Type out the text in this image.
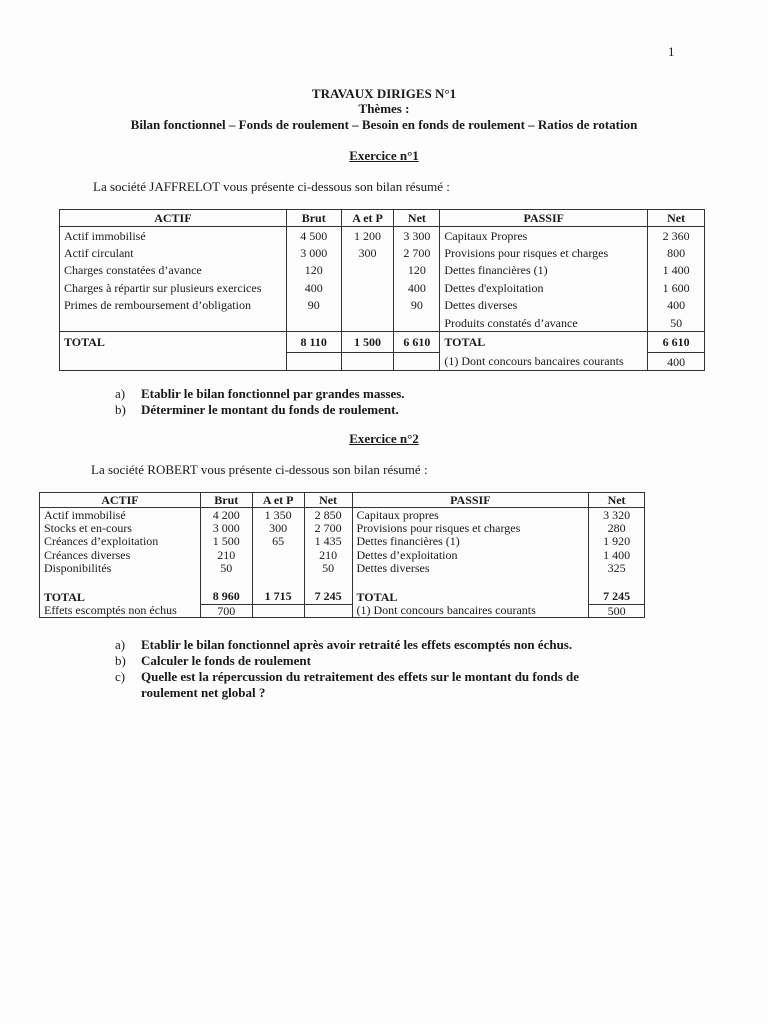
1
TRAVAUX DIRIGES N°1
Thèmes :
Bilan fonctionnel – Fonds de roulement – Besoin en fonds de roulement – Ratios de rotation
Exercice n°1
La société JAFFRELOT vous présente ci-dessous son bilan résumé :
ACTIF	Brut	A et P	Net	PASSIF	Net
Actif immobilisé	4 500	1 200	3 300	Capitaux Propres	2 360
Actif circulant	3 000	300	2 700	Provisions pour risques et charges	800
Charges constatées d’avance	120		120	Dettes financières (1)	1 400
Charges à répartir sur plusieurs exercices	400		400	Dettes d'exploitation	1 600
Primes de remboursement d’obligation	90		90	Dettes diverses	400
				Produits constatés d’avance	50
TOTAL	8 110	1 500	6 610	TOTAL	6 610
				(1) Dont concours bancaires courants	400
a) Etablir le bilan fonctionnel par grandes masses.
b) Déterminer le montant du fonds de roulement.
Exercice n°2
La société ROBERT vous présente ci-dessous son bilan résumé :
ACTIF	Brut	A et P	Net	PASSIF	Net
Actif immobilisé	4 200	1 350	2 850	Capitaux propres	3 320
Stocks et en-cours	3 000	300	2 700	Provisions pour risques et charges	280
Créances d’exploitation	1 500	65	1 435	Dettes financières (1)	1 920
Créances diverses	210		210	Dettes d’exploitation	1 400
Disponibilités	50		50	Dettes diverses	325

TOTAL	8 960	1 715	7 245	TOTAL	7 245
Effets escomptés non échus	700			(1) Dont concours bancaires courants	500
a) Etablir le bilan fonctionnel après avoir retraité les effets escomptés non échus.
b) Calculer le fonds de roulement
c) Quelle est la répercussion du retraitement des effets sur le montant du fonds de
roulement net global ?
